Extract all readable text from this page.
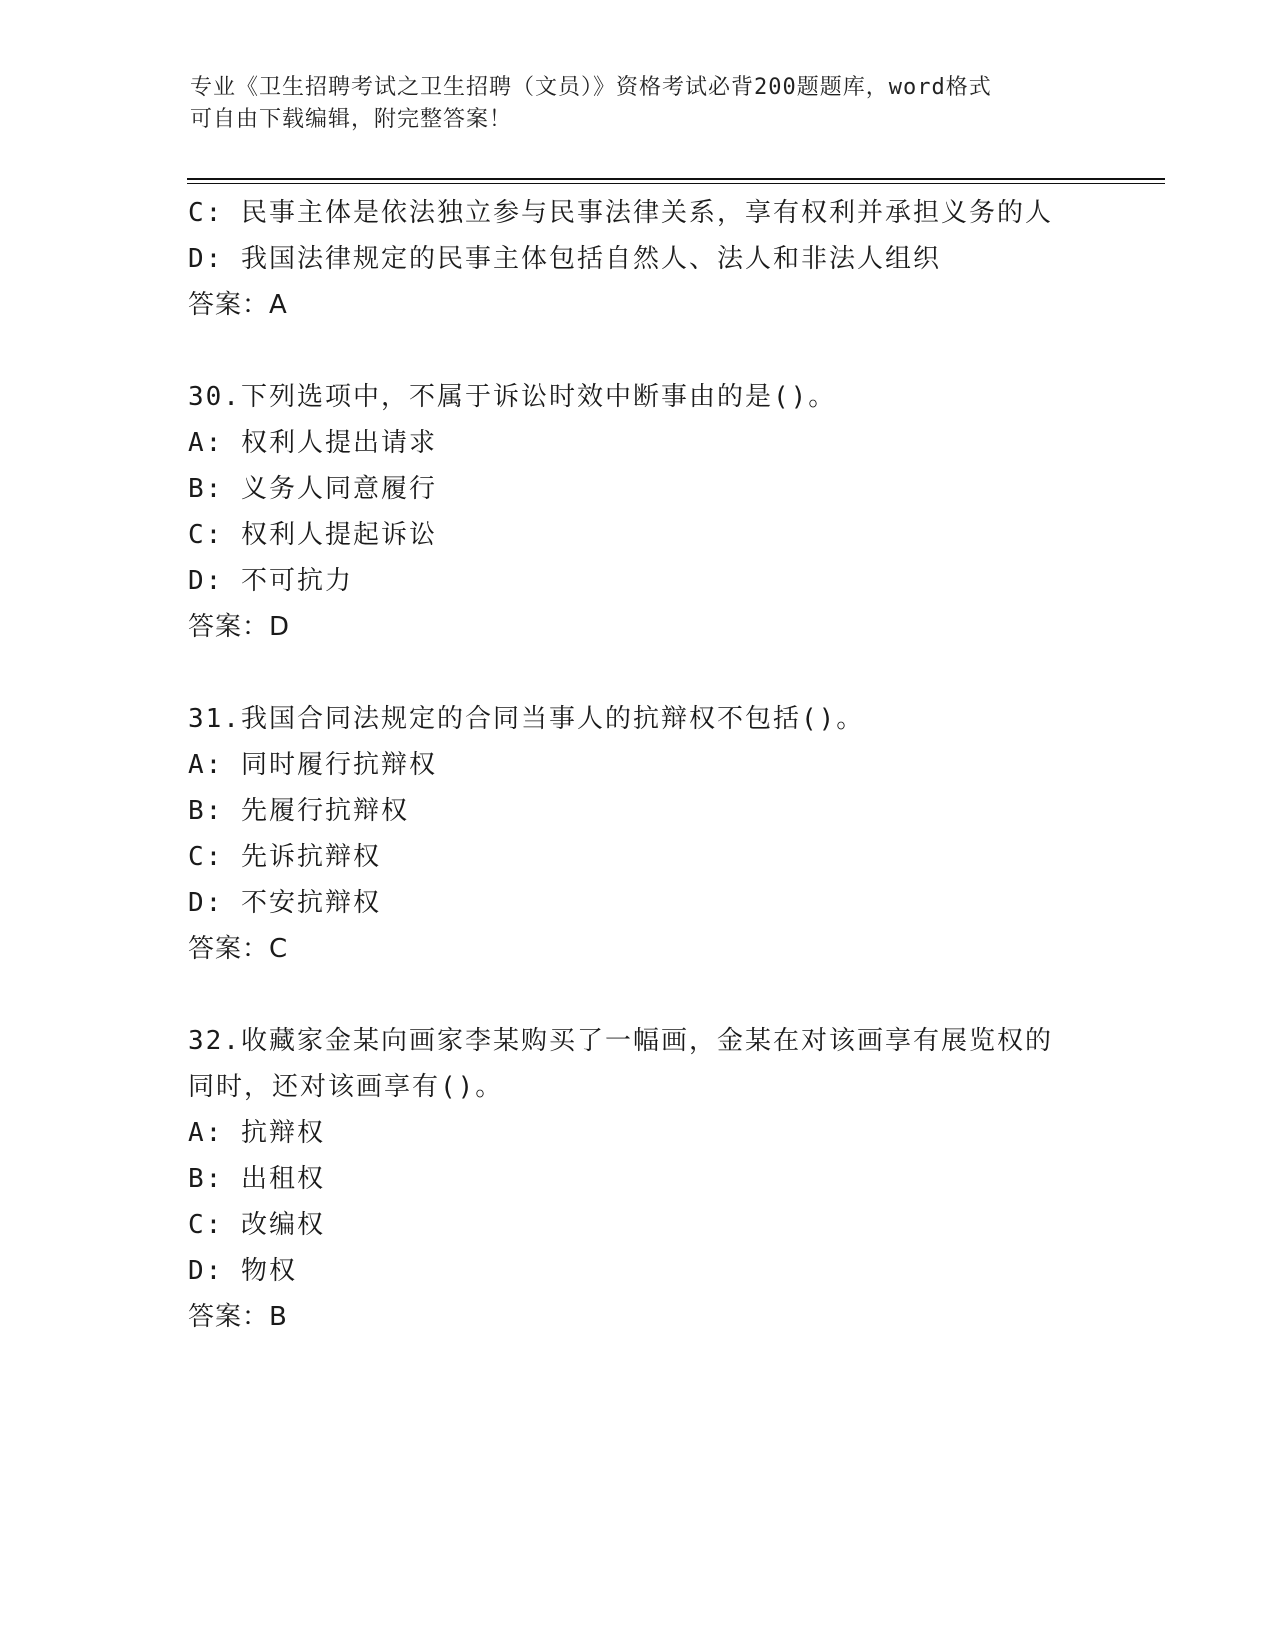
专业《卫生招聘考试之卫生招聘（文员）》资格考试必背200题题库，word格式
可自由下载编辑，附完整答案！
C: 民事主体是依法独立参与民事法律关系，享有权利并承担义务的人
D: 我国法律规定的民事主体包括自然人、法人和非法人组织
答案：A
30.下列选项中，不属于诉讼时效中断事由的是()。
A: 权利人提出请求
B: 义务人同意履行
C: 权利人提起诉讼
D: 不可抗力
答案：D
31.我国合同法规定的合同当事人的抗辩权不包括()。
A: 同时履行抗辩权
B: 先履行抗辩权
C: 先诉抗辩权
D: 不安抗辩权
答案：C
32.收藏家金某向画家李某购买了一幅画，金某在对该画享有展览权的
同时，还对该画享有()。
A: 抗辩权
B: 出租权
C: 改编权
D: 物权
答案：B
